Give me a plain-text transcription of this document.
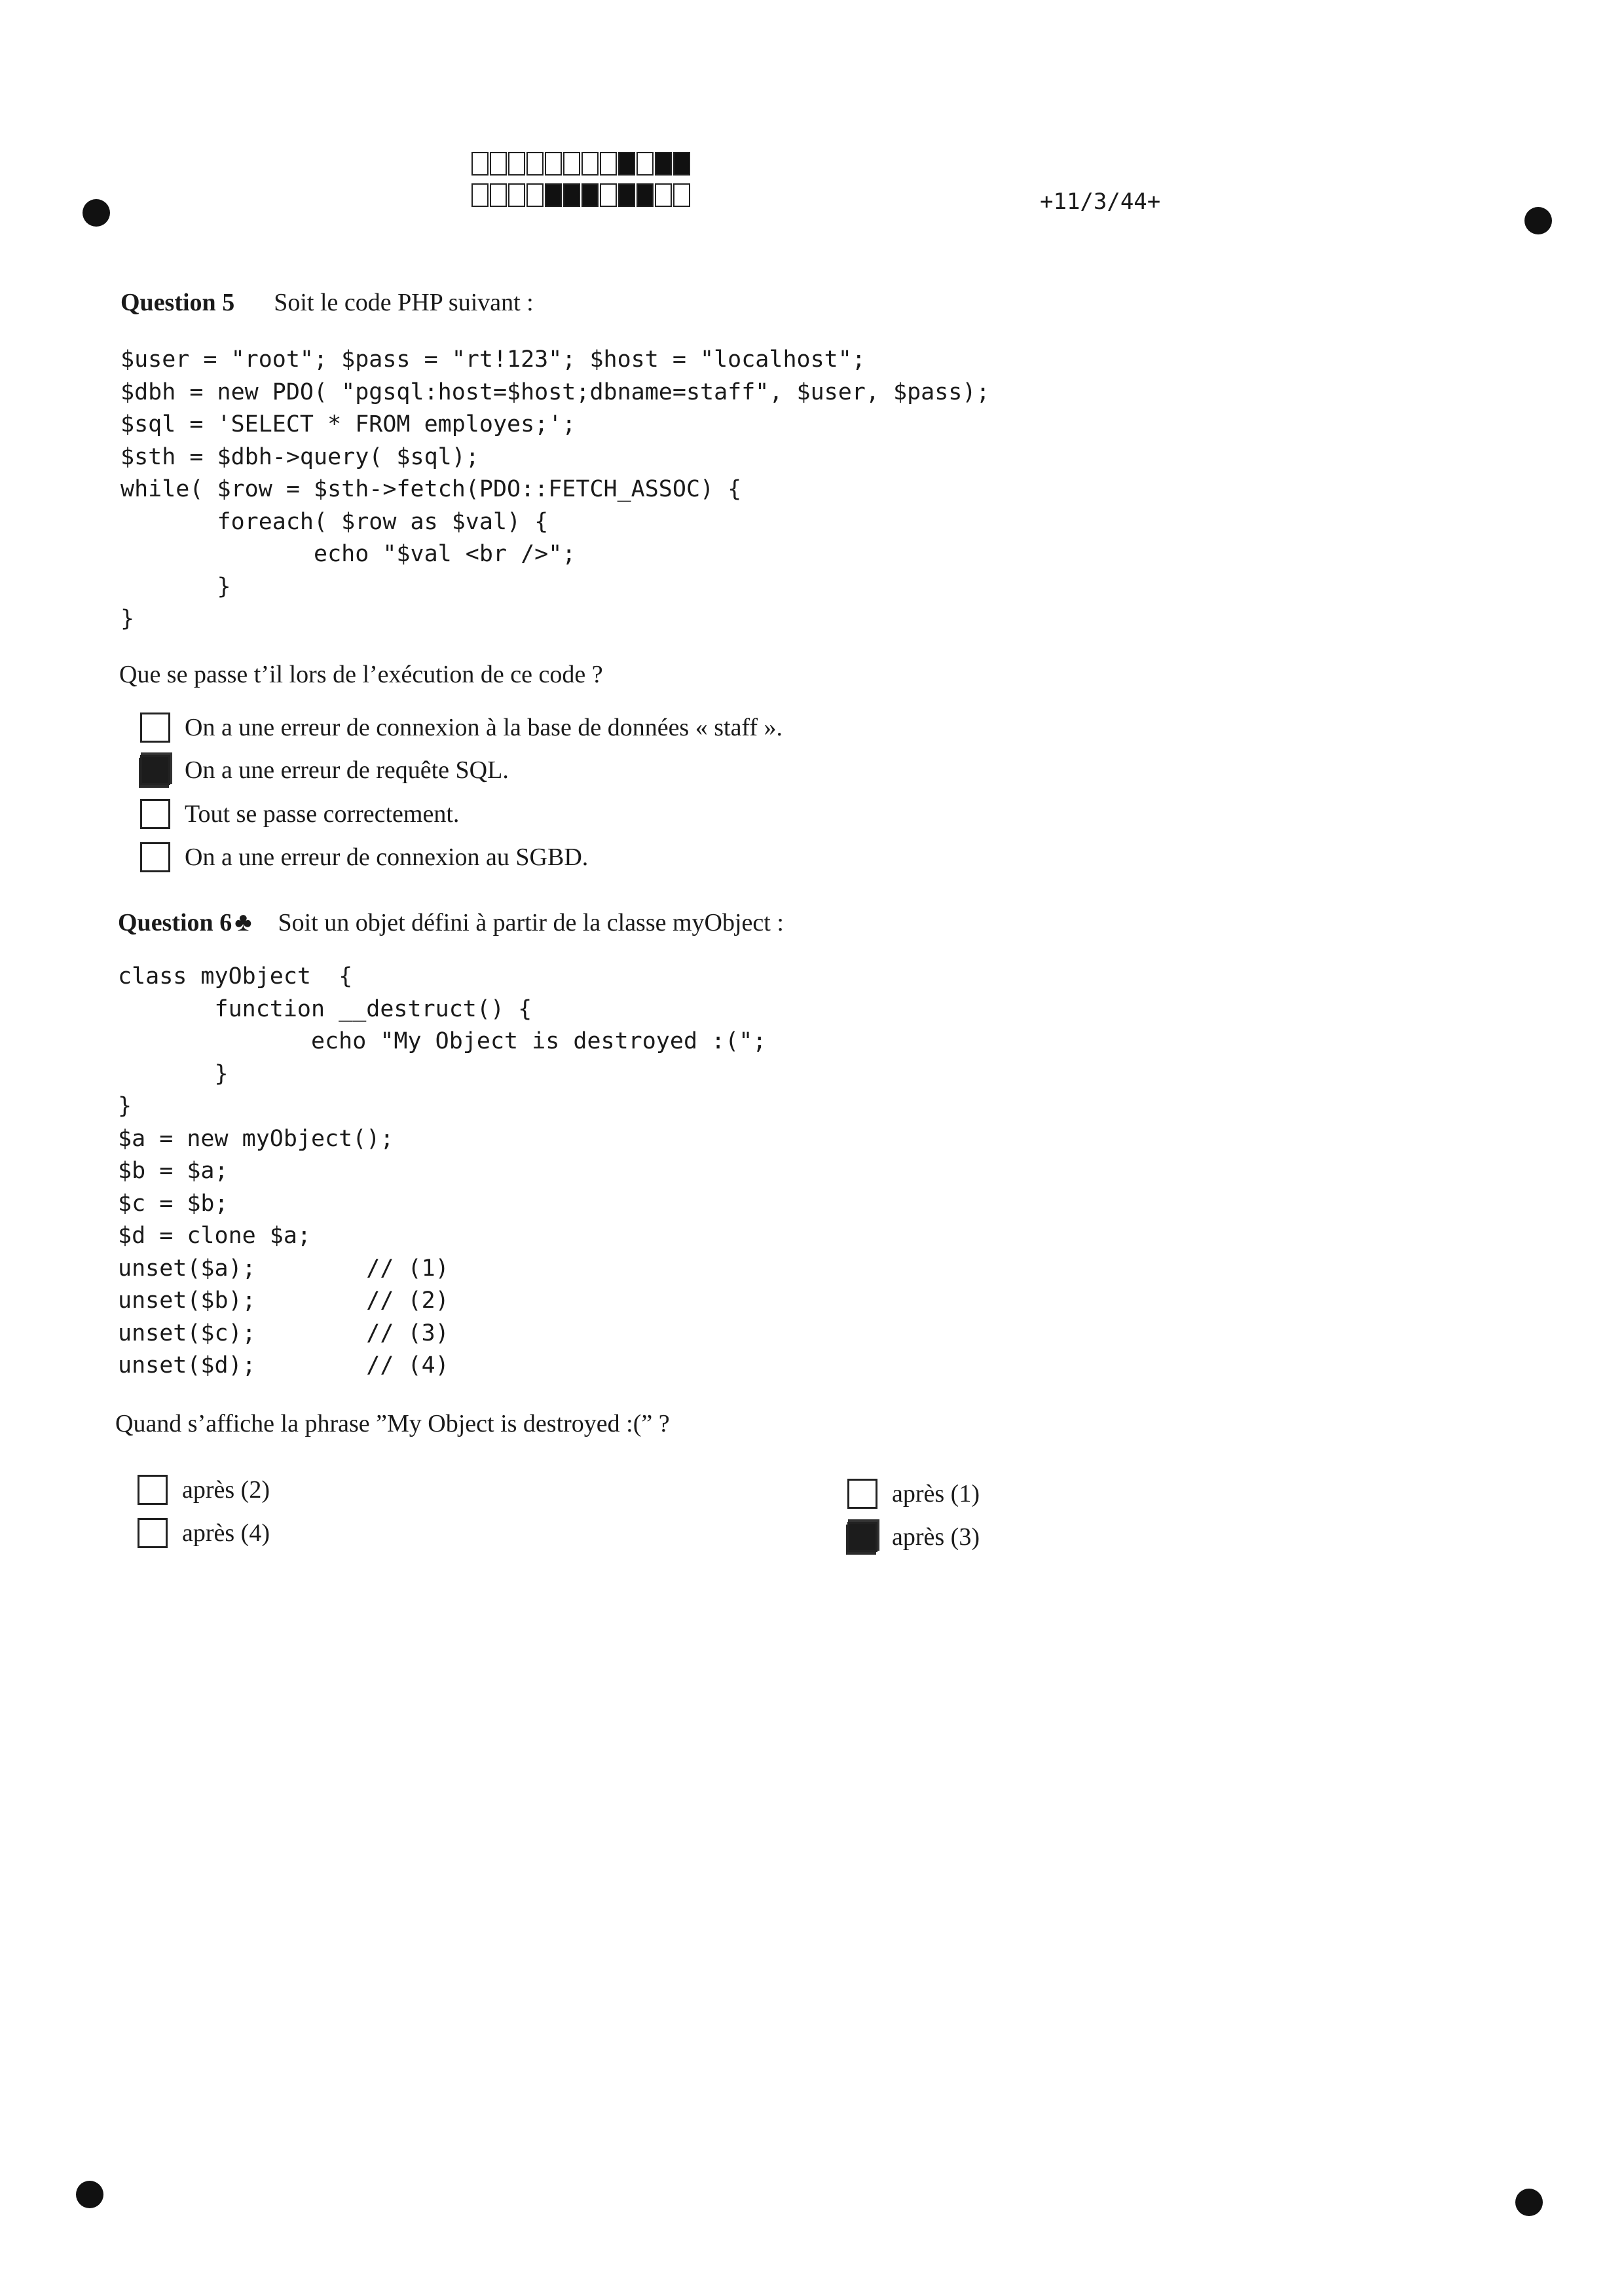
+11/3/44+
Question 5 Soit le code PHP suivant :
$user = "root"; $pass = "rt!123"; $host = "localhost";
$dbh = new PDO( "pgsql:host=$host;dbname=staff", $user, $pass);
$sql = 'SELECT * FROM employes;';
$sth = $dbh->query( $sql);
while( $row = $sth->fetch(PDO::FETCH_ASSOC) {
foreach( $row as $val) {
echo "$val <br />";
}
}
Que se passe t’il lors de l’exécution de ce code ?
On a une erreur de connexion à la base de données « staff ».
On a une erreur de requête SQL.
Tout se passe correctement.
On a une erreur de connexion au SGBD.
Question 6 ♣ Soit un objet défini à partir de la classe myObject :
class myObject  {
function __destruct() {
echo "My Object is destroyed :(";
}
}
$a = new myObject();
$b = $a;
$c = $b;
$d = clone $a;
unset($a);        // (1)
unset($b);        // (2)
unset($c);        // (3)
unset($d);        // (4)
Quand s’affiche la phrase ”My Object is destroyed :(” ?
après (2)
après (4)
après (1)
après (3)
